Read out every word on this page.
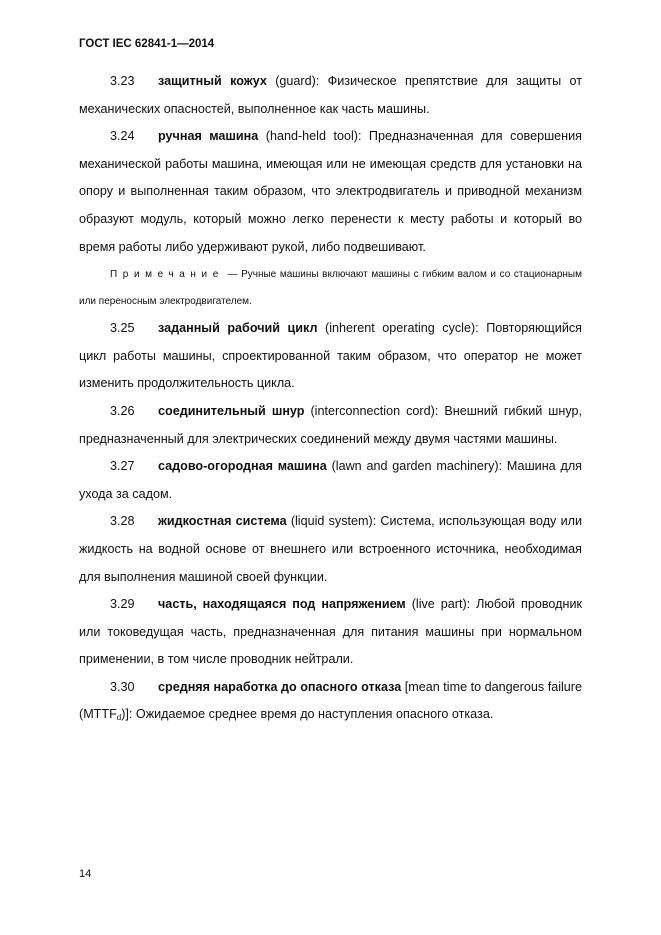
ГОСТ IEC 62841-1—2014

3.23 защитный кожух (guard): Физическое препятствие для защиты от механических опасностей, выполненное как часть машины.

3.24 ручная машина (hand-held tool): Предназначенная для совершения механической работы машина, имеющая или не имеющая средств для установки на опору и выполненная таким образом, что электродвигатель и приводной механизм образуют модуль, который можно легко перенести к месту работы и который во время работы либо удерживают рукой, либо подвешивают.

Примечание — Ручные машины включают машины с гибким валом и со стационарным или переносным электродвигателем.

3.25 заданный рабочий цикл (inherent operating cycle): Повторяющийся цикл работы машины, спроектированной таким образом, что оператор не может изменить продолжительность цикла.

3.26 соединительный шнур (interconnection cord): Внешний гибкий шнур, предназначенный для электрических соединений между двумя частями машины.

3.27 садово-огородная машина (lawn and garden machinery): Машина для ухода за садом.

3.28 жидкостная система (liquid system): Система, использующая воду или жидкость на водной основе от внешнего или встроенного источника, необходимая для выполнения машиной своей функции.

3.29 часть, находящаяся под напряжением (live part): Любой проводник или токоведущая часть, предназначенная для питания машины при нормальном применении, в том числе проводник нейтрали.

3.30 средняя наработка до опасного отказа [mean time to dangerous failure $(MTTF_d)$]: Ожидаемое среднее время до наступления опасного отказа.

14
